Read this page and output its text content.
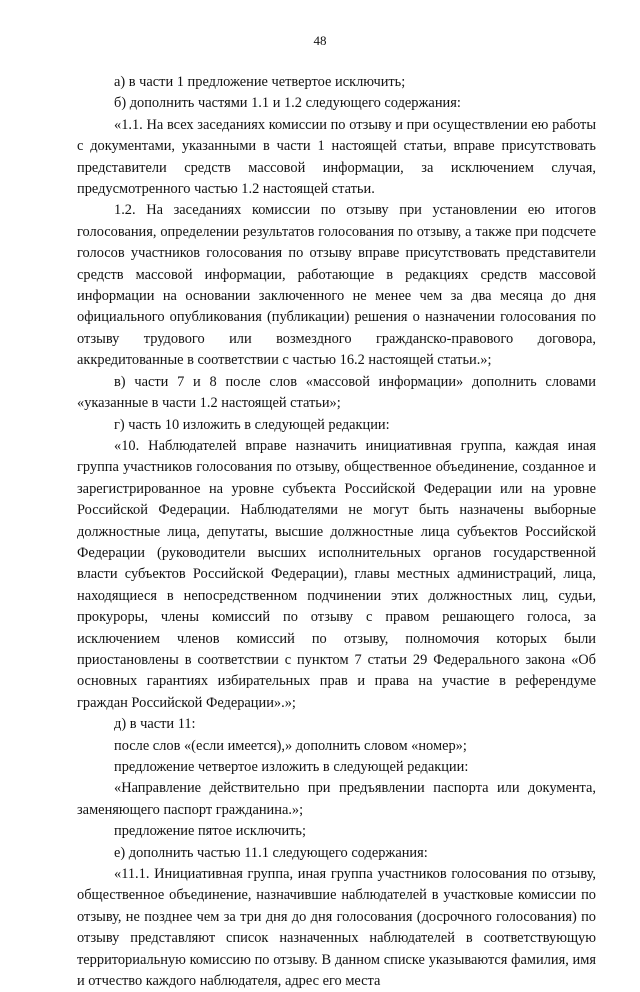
48

а) в части 1 предложение четвертое исключить;

б) дополнить частями 1.1 и 1.2 следующего содержания:

«1.1. На всех заседаниях комиссии по отзыву и при осуществлении ею работы с документами, указанными в части 1 настоящей статьи, вправе присутствовать представители средств массовой информации, за исключением случая, предусмотренного частью 1.2 настоящей статьи.

1.2. На заседаниях комиссии по отзыву при установлении ею итогов голосования, определении результатов голосования по отзыву, а также при подсчете голосов участников голосования по отзыву вправе присутствовать представители средств массовой информации, работающие в редакциях средств массовой информации на основании заключенного не менее чем за два месяца до дня официального опубликования (публикации) решения о назначении голосования по отзыву трудового или возмездного гражданско-правового договора, аккредитованные в соответствии с частью 16.2 настоящей статьи.»;

в) части 7 и 8 после слов «массовой информации» дополнить словами «указанные в части 1.2 настоящей статьи»;

г) часть 10 изложить в следующей редакции:

«10. Наблюдателей вправе назначить инициативная группа, каждая иная группа участников голосования по отзыву, общественное объединение, созданное и зарегистрированное на уровне субъекта Российской Федерации или на уровне Российской Федерации. Наблюдателями не могут быть назначены выборные должностные лица, депутаты, высшие должностные лица субъектов Российской Федерации (руководители высших исполнительных органов государственной власти субъектов Российской Федерации), главы местных администраций, лица, находящиеся в непосредственном подчинении этих должностных лиц, судьи, прокуроры, члены комиссий по отзыву с правом решающего голоса, за исключением членов комиссий по отзыву, полномочия которых были приостановлены в соответствии с пунктом 7 статьи 29 Федерального закона «Об основных гарантиях избирательных прав и права на участие в референдуме граждан Российской Федерации».»;

д) в части 11:

после слов «(если имеется),» дополнить словом «номер»;

предложение четвертое изложить в следующей редакции:

«Направление действительно при предъявлении паспорта или документа, заменяющего паспорт гражданина.»;

предложение пятое исключить;

е) дополнить частью 11.1 следующего содержания:

«11.1. Инициативная группа, иная группа участников голосования по отзыву, общественное объединение, назначившие наблюдателей в участковые комиссии по отзыву, не позднее чем за три дня до дня голосования (досрочного голосования) по отзыву представляют список назначенных наблюдателей в соответствующую территориальную комиссию по отзыву. В данном списке указываются фамилия, имя и отчество каждого наблюдателя, адрес его места
